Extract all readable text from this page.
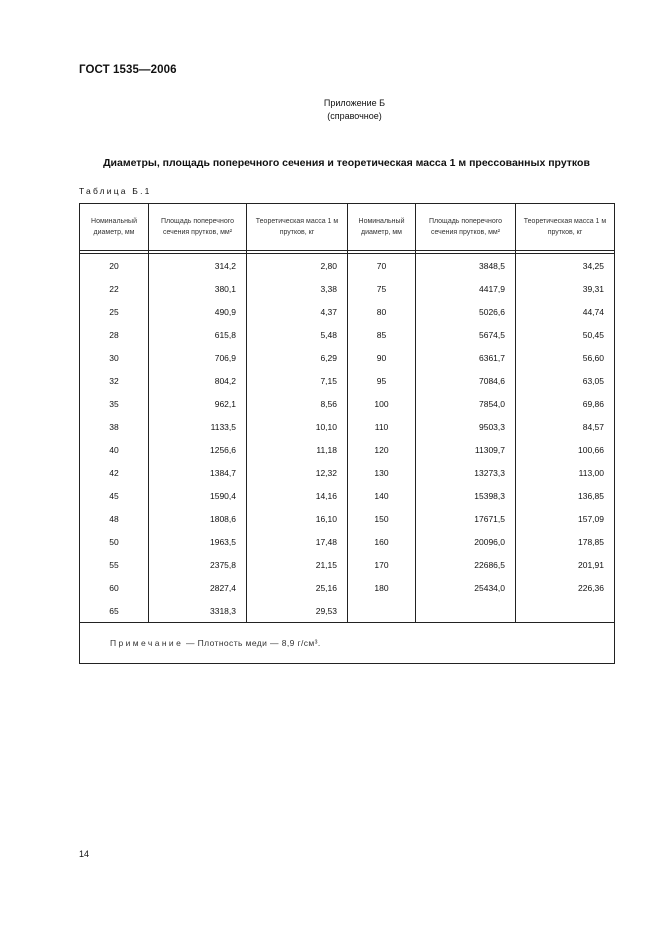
ГОСТ 1535—2006
Приложение Б
(справочное)
Диаметры, площадь поперечного сечения и теоретическая масса 1 м прессованных прутков
Таблица Б.1
Номинальный диаметр, мм	Площадь поперечного сечения прутков, мм²	Теоретическая масса 1 м прутков, кг	Номинальный диаметр, мм	Площадь поперечного сечения прутков, мм²	Теоретическая масса 1 м прутков, кг

20	314,2	2,80	70	3848,5	34,25
22	380,1	3,38	75	4417,9	39,31
25	490,9	4,37	80	5026,6	44,74
28	615,8	5,48	85	5674,5	50,45
30	706,9	6,29	90	6361,7	56,60
32	804,2	7,15	95	7084,6	63,05
35	962,1	8,56	100	7854,0	69,86
38	1133,5	10,10	110	9503,3	84,57
40	1256,6	11,18	120	11309,7	100,66
42	1384,7	12,32	130	13273,3	113,00
45	1590,4	14,16	140	15398,3	136,85
48	1808,6	16,10	150	17671,5	157,09
50	1963,5	17,48	160	20096,0	178,85
55	2375,8	21,15	170	22686,5	201,91
60	2827,4	25,16	180	25434,0	226,36
65	3318,3	29,53			
Примечание — Плотность меди — 8,9 г/см³.					
14
